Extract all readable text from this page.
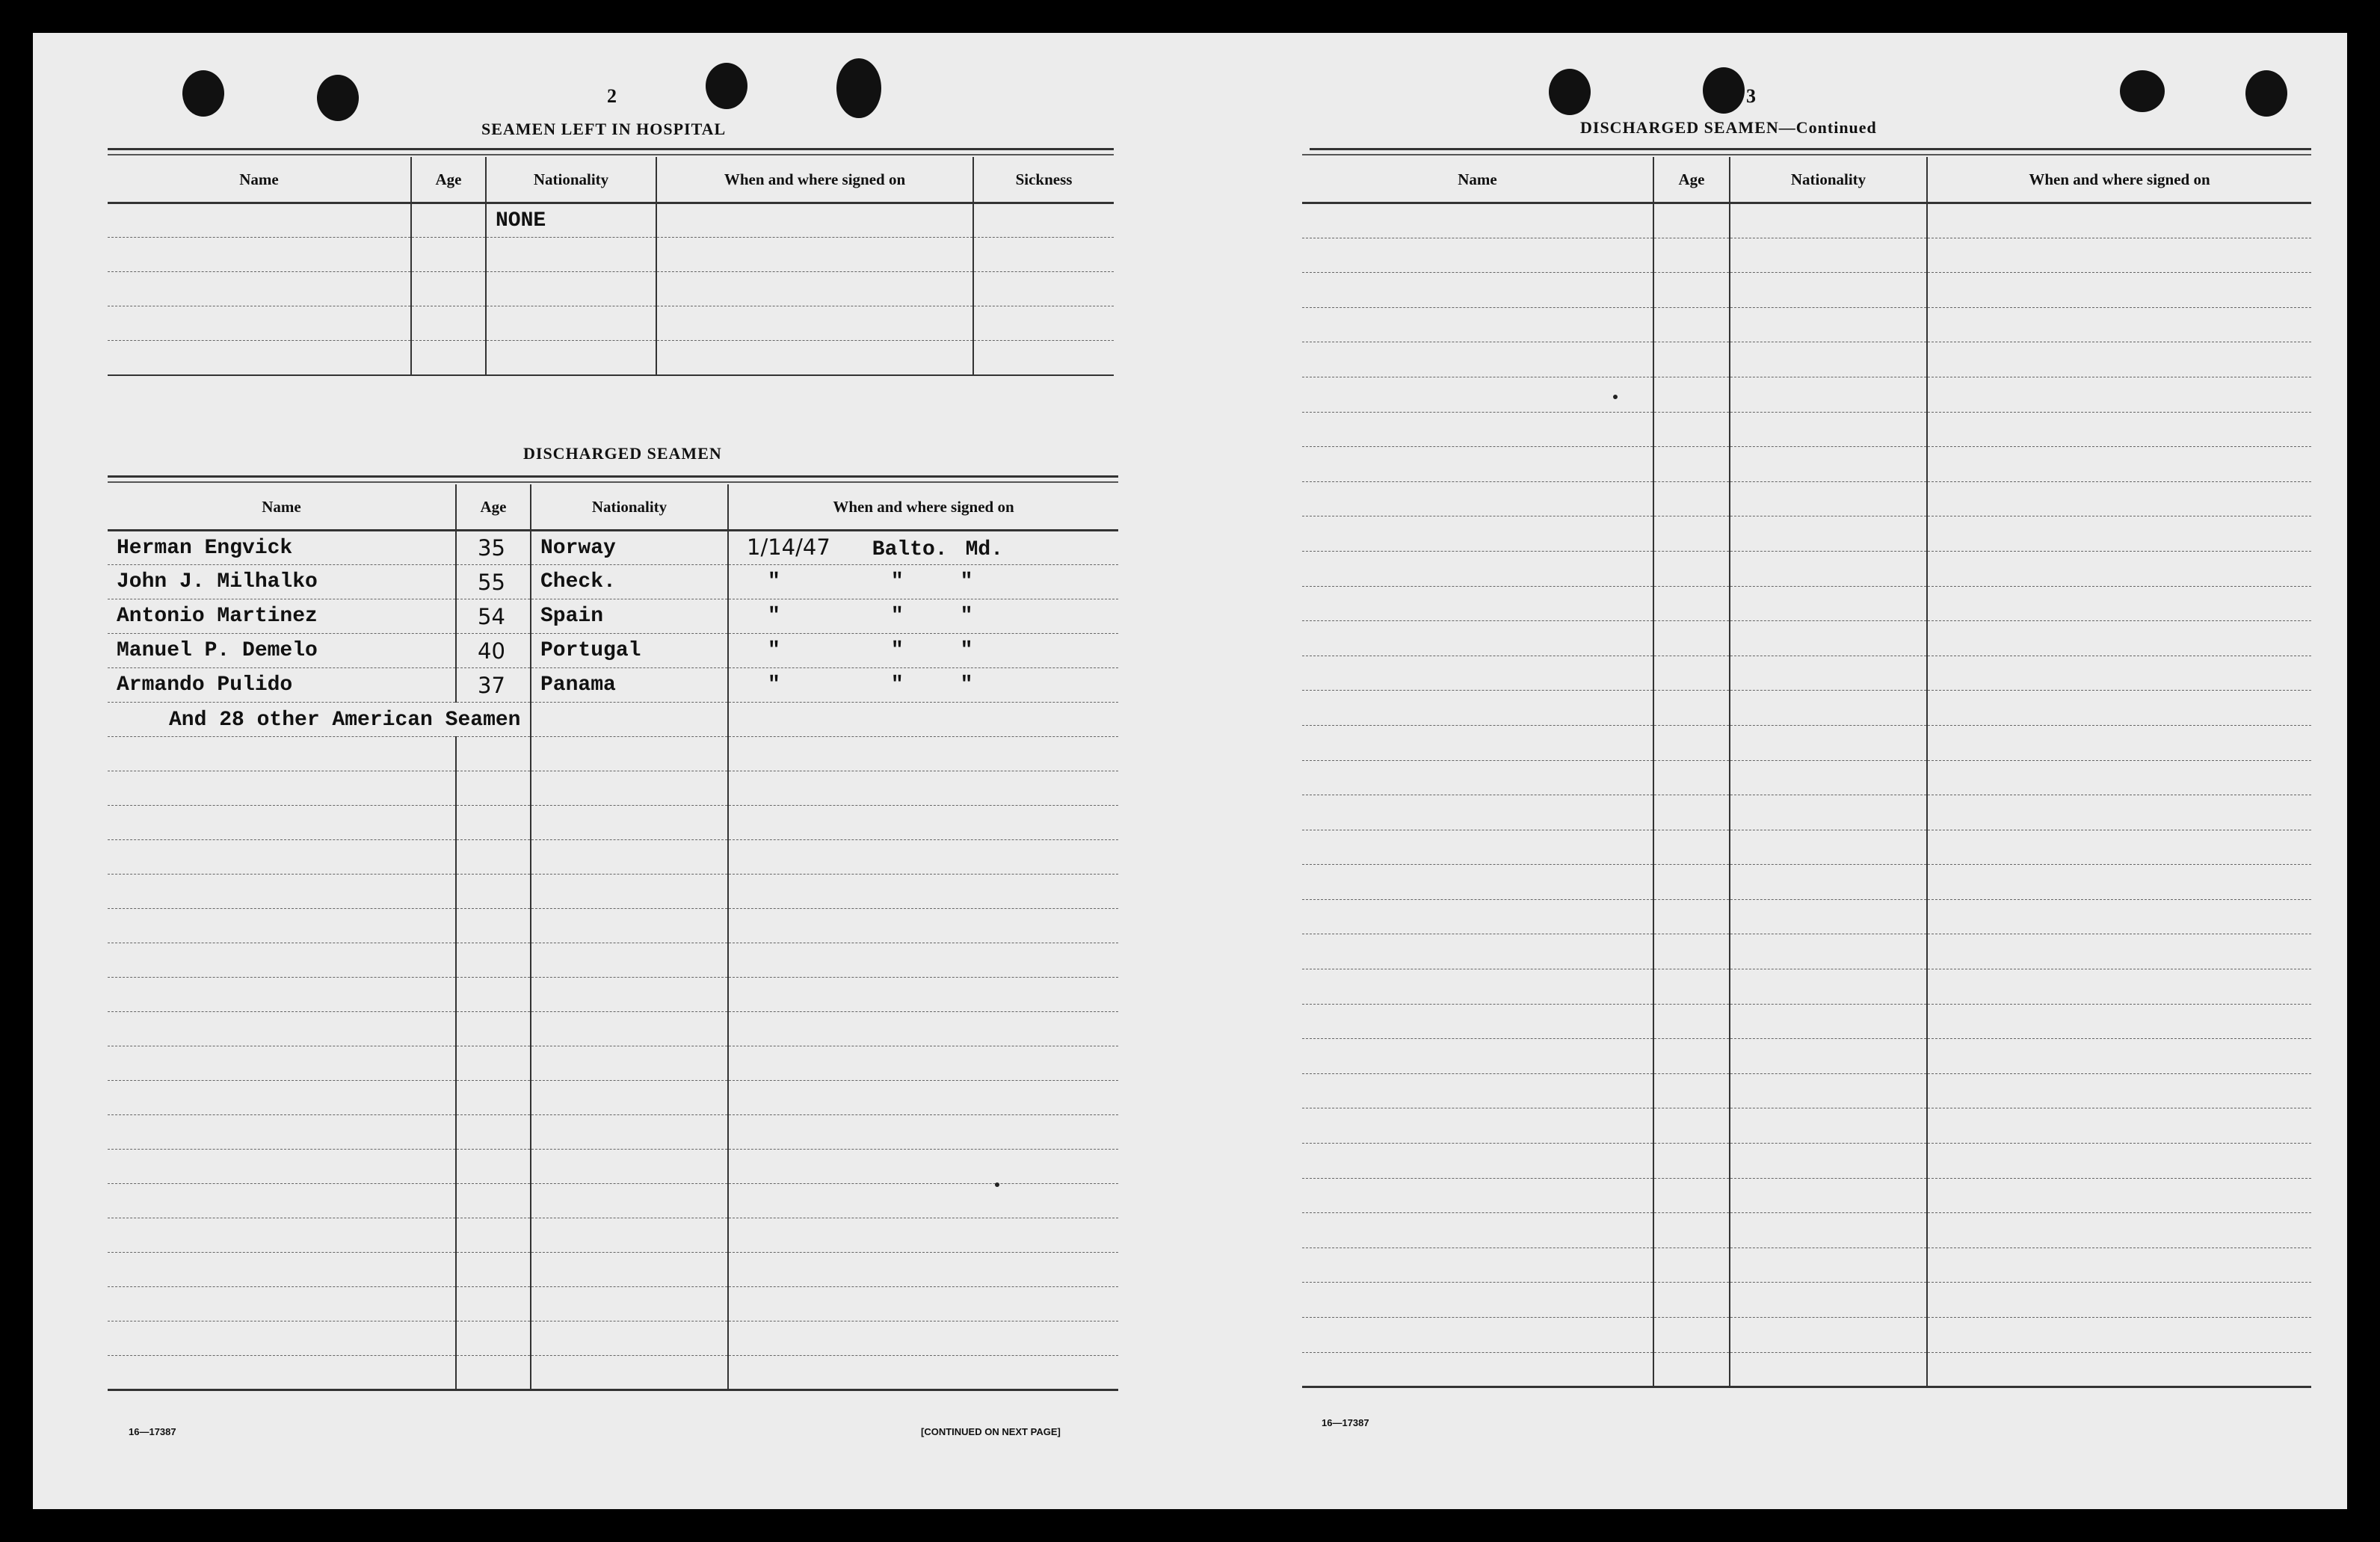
2
SEAMEN LEFT IN HOSPITAL
Name	Age	Nationality	When and where signed on	Sickness
		NONE		

DISCHARGED SEAMEN
Name	Age	Nationality	When and where signed on
Herman Engvick	35	Norway	1/14/47 Balto. Md.
John J. Milhalko	55	Check.	" " "
Antonio Martinez	54	Spain	" " "
Manuel P. Demelo	40	Portugal	" " "
Armando Pulido	37	Panama	" " "

And 28 other American Seamen			

16—17387	[CONTINUED ON NEXT PAGE]
3
DISCHARGED SEAMEN—Continued
Name	Age	Nationality	When and where signed on

16—17387
